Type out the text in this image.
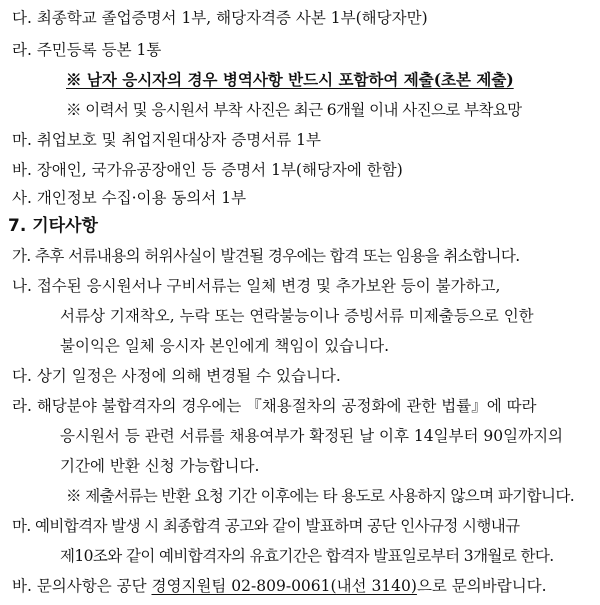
다. 최종학교 졸업증명서 1부, 해당자격증 사본 1부(해당자만)
라. 주민등록 등본 1통
※ 남자 응시자의 경우 병역사항 반드시 포함하여 제출(초본 제출)
※ 이력서 및 응시원서 부착 사진은 최근 6개월 이내 사진으로 부착요망
마. 취업보호 및 취업지원대상자 증명서류 1부
바. 장애인, 국가유공장애인 등 증명서 1부(해당자에 한함)
사. 개인정보 수집·이용 동의서 1부
7. 기타사항
가. 추후 서류내용의 허위사실이 발견될 경우에는 합격 또는 임용을 취소합니다.
나. 접수된 응시원서나 구비서류는 일체 변경 및 추가보완 등이 불가하고,
서류상 기재착오, 누락 또는 연락불능이나 증빙서류 미제출등으로 인한
불이익은 일체 응시자 본인에게 책임이 있습니다.
다. 상기 일정은 사정에 의해 변경될 수 있습니다.
라. 해당분야 불합격자의 경우에는 『채용절차의 공정화에 관한 법률』에 따라
응시원서 등 관련 서류를 채용여부가 확정된 날 이후 14일부터 90일까지의
기간에 반환 신청 가능합니다.
※ 제출서류는 반환 요청 기간 이후에는 타 용도로 사용하지 않으며 파기합니다.
마. 예비합격자 발생 시 최종합격 공고와 같이 발표하며 공단 인사규정 시행내규
제10조와 같이 예비합격자의 유효기간은 합격자 발표일로부터 3개월로 한다.
바. 문의사항은 공단 경영지원팀 02-809-0061(내선 3140)으로 문의바랍니다.
